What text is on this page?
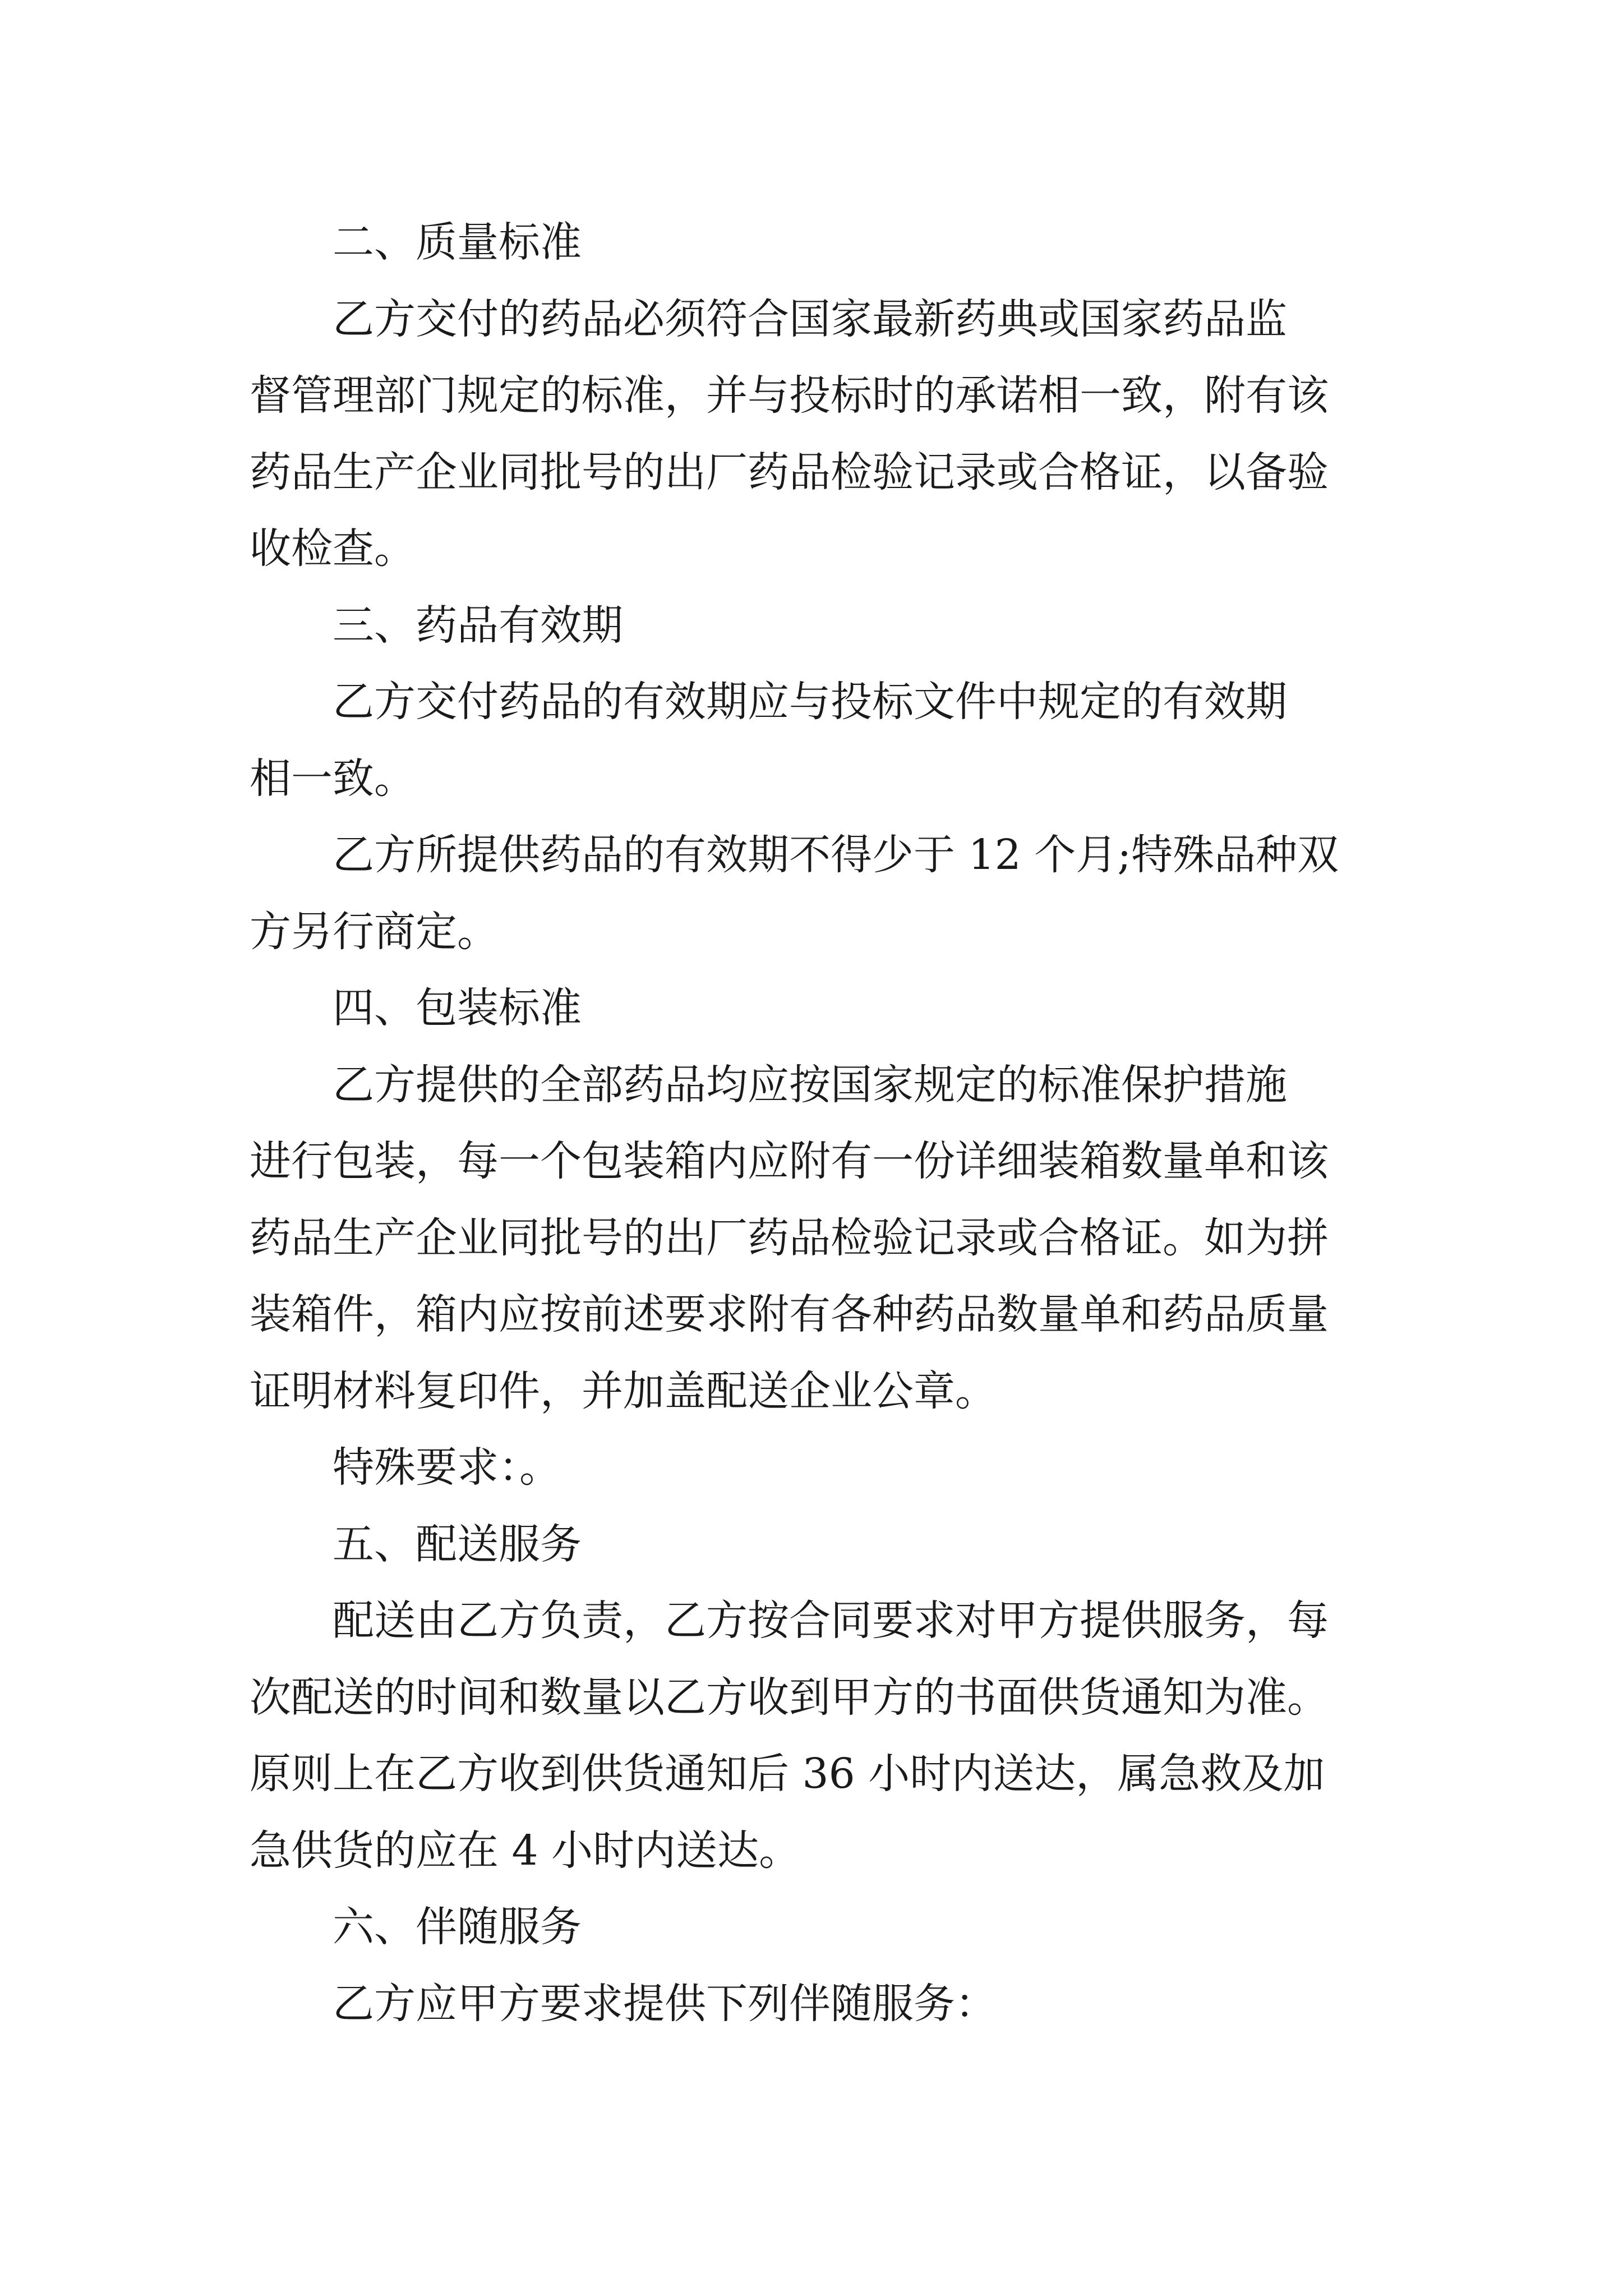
二、质量标准

乙方交付的药品必须符合国家最新药典或国家药品监

督管理部门规定的标准，并与投标时的承诺相一致，附有该

药品生产企业同批号的出厂药品检验记录或合格证，以备验

收检查。

三、药品有效期

乙方交付药品的有效期应与投标文件中规定的有效期

相一致。

乙方所提供药品的有效期不得少于 12 个月;特殊品种双

方另行商定。

四、包装标准

乙方提供的全部药品均应按国家规定的标准保护措施

进行包装，每一个包装箱内应附有一份详细装箱数量单和该

药品生产企业同批号的出厂药品检验记录或合格证。如为拼

装箱件，箱内应按前述要求附有各种药品数量单和药品质量

证明材料复印件，并加盖配送企业公章。

特殊要求：。

五、配送服务

配送由乙方负责，乙方按合同要求对甲方提供服务，每

次配送的时间和数量以乙方收到甲方的书面供货通知为准。

原则上在乙方收到供货通知后 36 小时内送达，属急救及加

急供货的应在 4 小时内送达。

六、伴随服务

乙方应甲方要求提供下列伴随服务：
